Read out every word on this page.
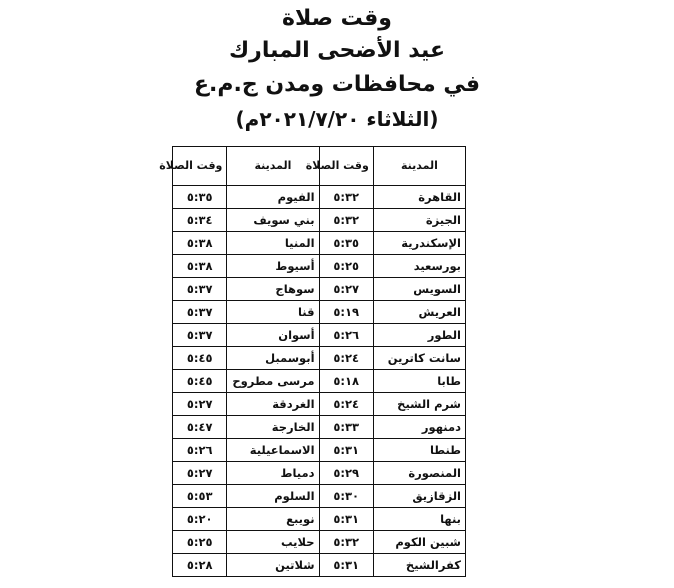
وقت صلاة
عيد الأضحى المبارك
في محافظات ومدن ج.م.ع
(الثلاثاء ٢٠٢١/٧/٢٠م)
المدينة	وقت الصلاة	المدينة	وقت الصلاة
القاهرة	٥:٣٢	الفيوم	٥:٣٥
الجيزة	٥:٣٢	بني سويف	٥:٣٤
الإسكندرية	٥:٣٥	المنيا	٥:٣٨
بورسعيد	٥:٢٥	أسيوط	٥:٣٨
السويس	٥:٢٧	سوهاج	٥:٣٧
العريش	٥:١٩	قنا	٥:٣٧
الطور	٥:٢٦	أسوان	٥:٣٧
سانت كاترين	٥:٢٤	أبوسمبل	٥:٤٥
طابا	٥:١٨	مرسى مطروح	٥:٤٥
شرم الشيخ	٥:٢٤	الغردقة	٥:٢٧
دمنهور	٥:٣٣	الخارجة	٥:٤٧
طنطا	٥:٣١	الاسماعيلية	٥:٢٦
المنصورة	٥:٢٩	دمياط	٥:٢٧
الزقازيق	٥:٣٠	السلوم	٥:٥٣
بنها	٥:٣١	نويبع	٥:٢٠
شبين الكوم	٥:٣٢	حلايب	٥:٢٥
كفرالشيخ	٥:٣١	شلاتين	٥:٢٨
